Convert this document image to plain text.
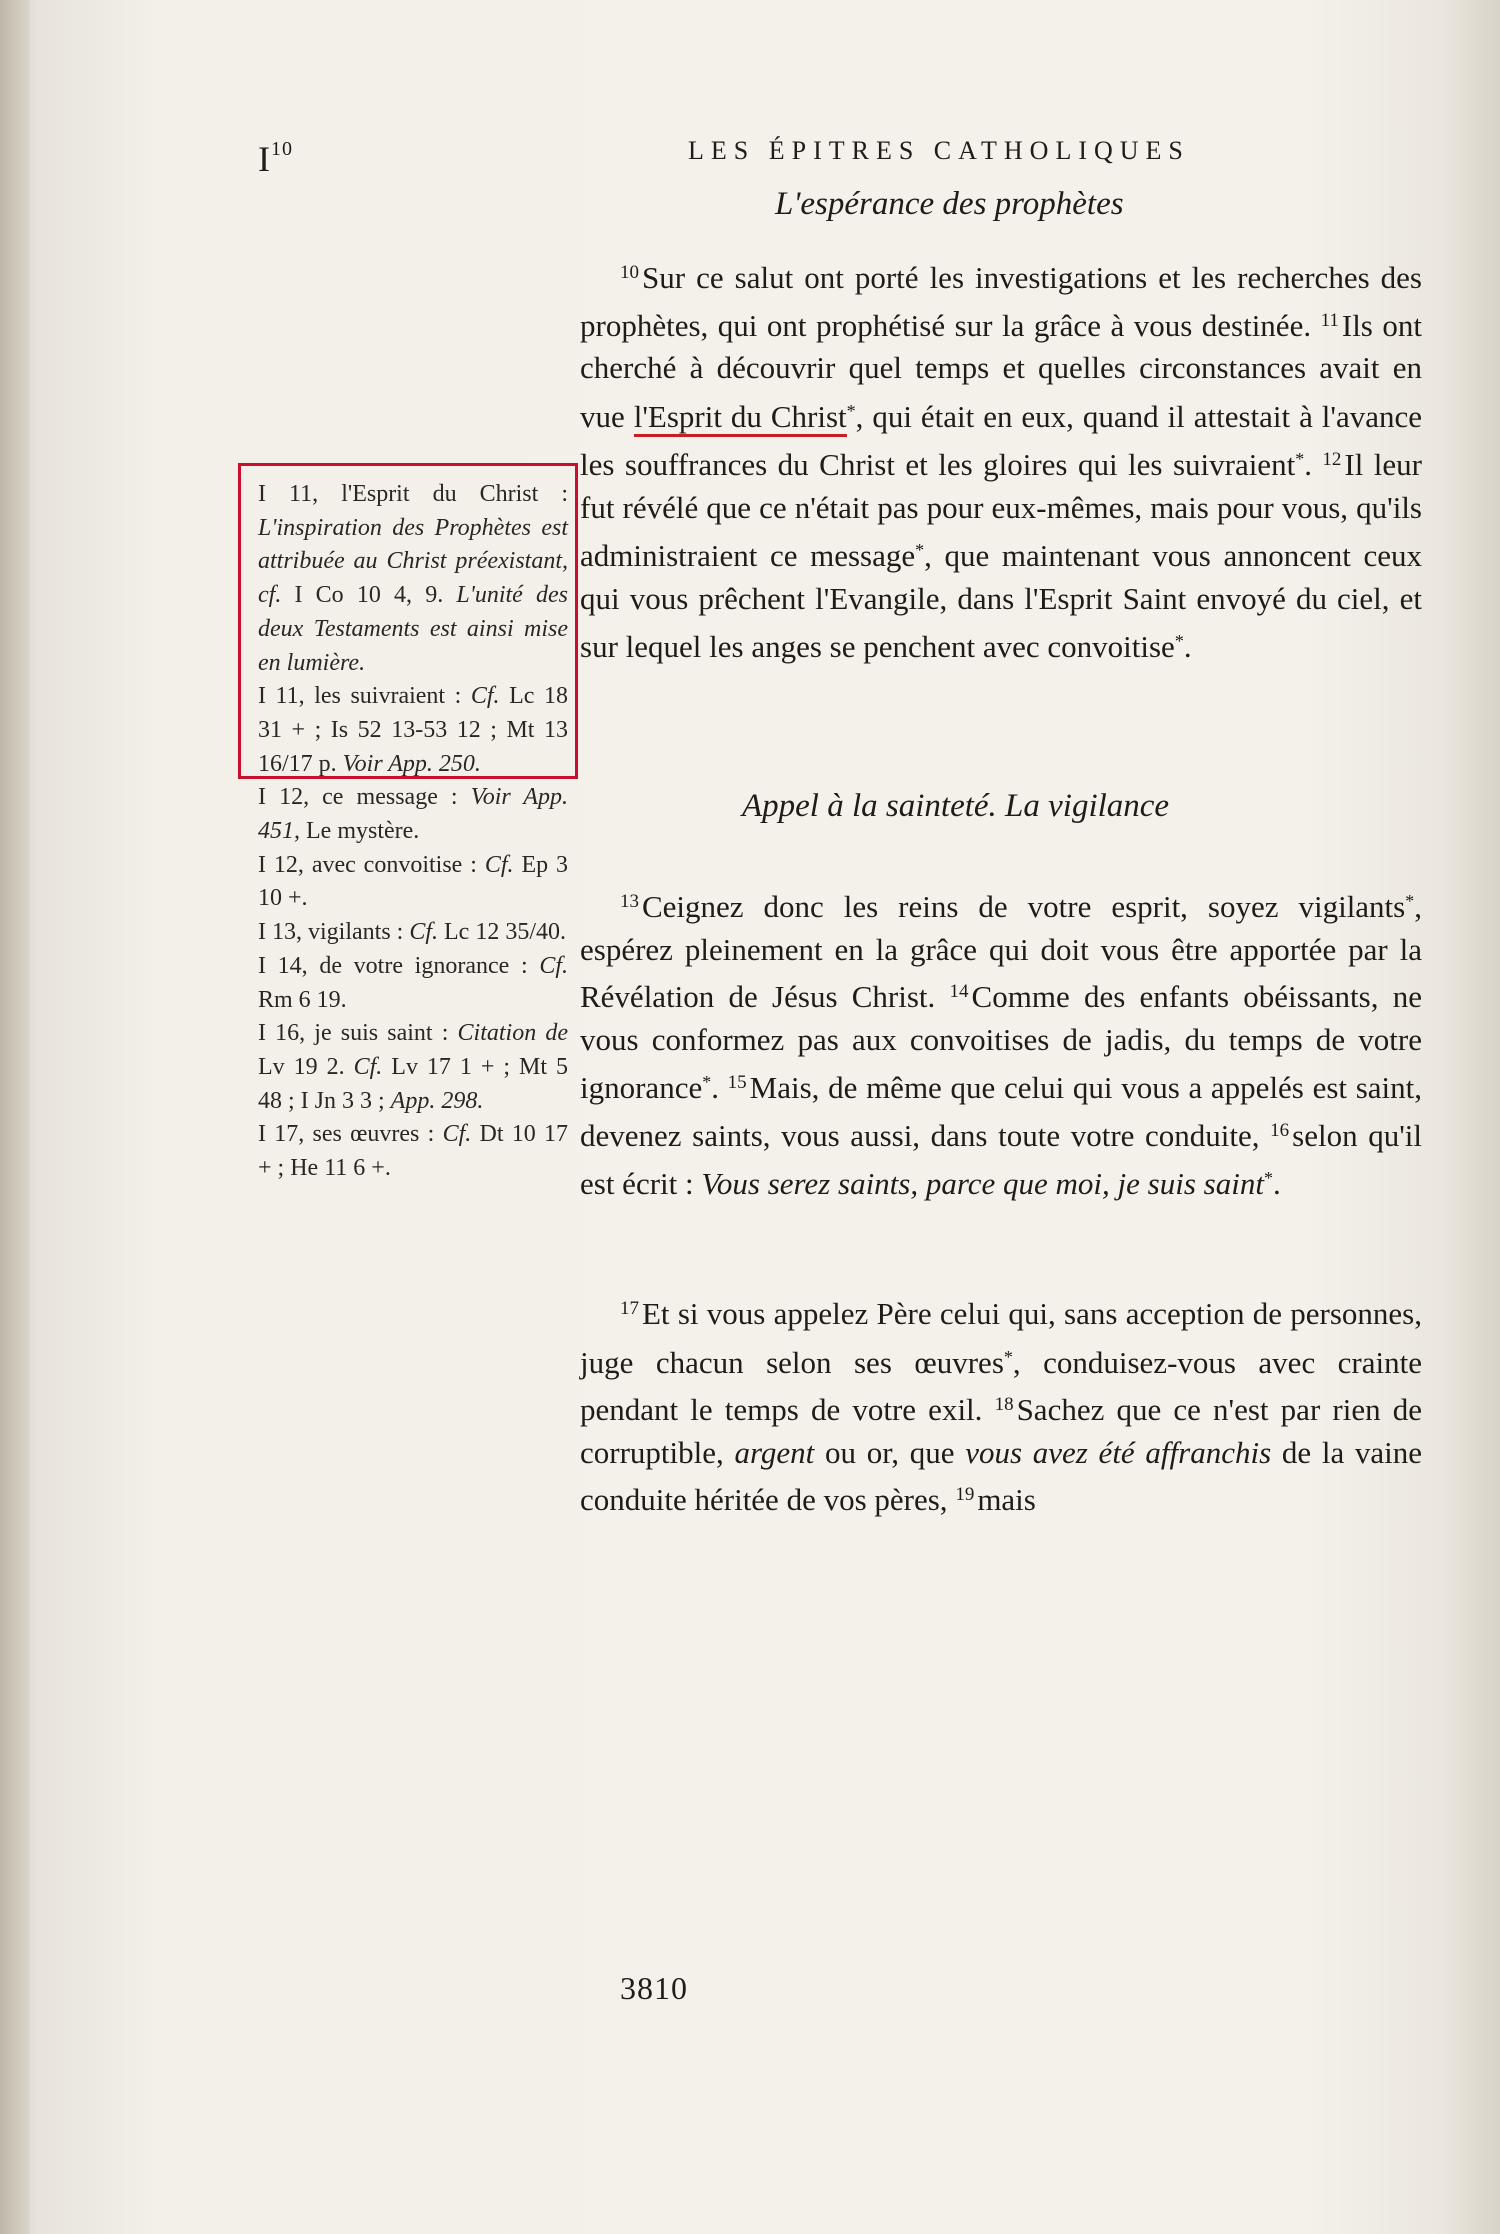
$I^{10}$	LES ÉPITRES CATHOLIQUES
L'espérance des prophètes

$^{10}$Sur ce salut ont porté les investigations et les recherches des prophètes, qui ont prophétisé sur la grâce à vous destinée. $^{11}$Ils ont cherché à découvrir quel temps et quelles circonstances avait en vue l'Esprit du Christ*, qui était en eux, quand il attestait à l'avance les souffrances du Christ et les gloires qui les suivraient*. $^{12}$Il leur fut révélé que ce n'était pas pour eux-mêmes, mais pour vous, qu'ils administraient ce message*, que maintenant vous annoncent ceux qui vous prêchent l'Evangile, dans l'Esprit Saint envoyé du ciel, et sur lequel les anges se penchent avec convoitise*.

Appel à la sainteté. La vigilance

$^{13}$Ceignez donc les reins de votre esprit, soyez vigilants*, espérez pleinement en la grâce qui doit vous être apportée par la Révélation de Jésus Christ. $^{14}$Comme des enfants obéissants, ne vous conformez pas aux convoitises de jadis, du temps de votre ignorance*. $^{15}$Mais, de même que celui qui vous a appelés est saint, devenez saints, vous aussi, dans toute votre conduite, $^{16}$selon qu'il est écrit : Vous serez saints, parce que moi, je suis saint*.

$^{17}$Et si vous appelez Père celui qui, sans acception de personnes, juge chacun selon ses œuvres*, conduisez-vous avec crainte pendant le temps de votre exil. $^{18}$Sachez que ce n'est par rien de corruptible, argent ou or, que vous avez été affranchis de la vaine conduite héritée de vos pères, $^{19}$mais

I 11, l'Esprit du Christ : L'inspiration des Prophètes est attribuée au Christ préexistant, cf. I Co 10 4, 9. L'unité des deux Testaments est ainsi mise en lumière.
I 11, les suivraient : Cf. Lc 18 31 + ; Is 52 13-53 12 ; Mt 13 16/17 p. Voir App. 250.
I 12, ce message : Voir App. 451, Le mystère.
I 12, avec convoitise : Cf. Ep 3 10 +.
I 13, vigilants : Cf. Lc 12 35/40.
I 14, de votre ignorance : Cf. Rm 6 19.
I 16, je suis saint : Citation de Lv 19 2. Cf. Lv 17 1 + ; Mt 5 48 ; I Jn 3 3 ; App. 298.
I 17, ses œuvres : Cf. Dt 10 17 + ; He 11 6 +.
3810
